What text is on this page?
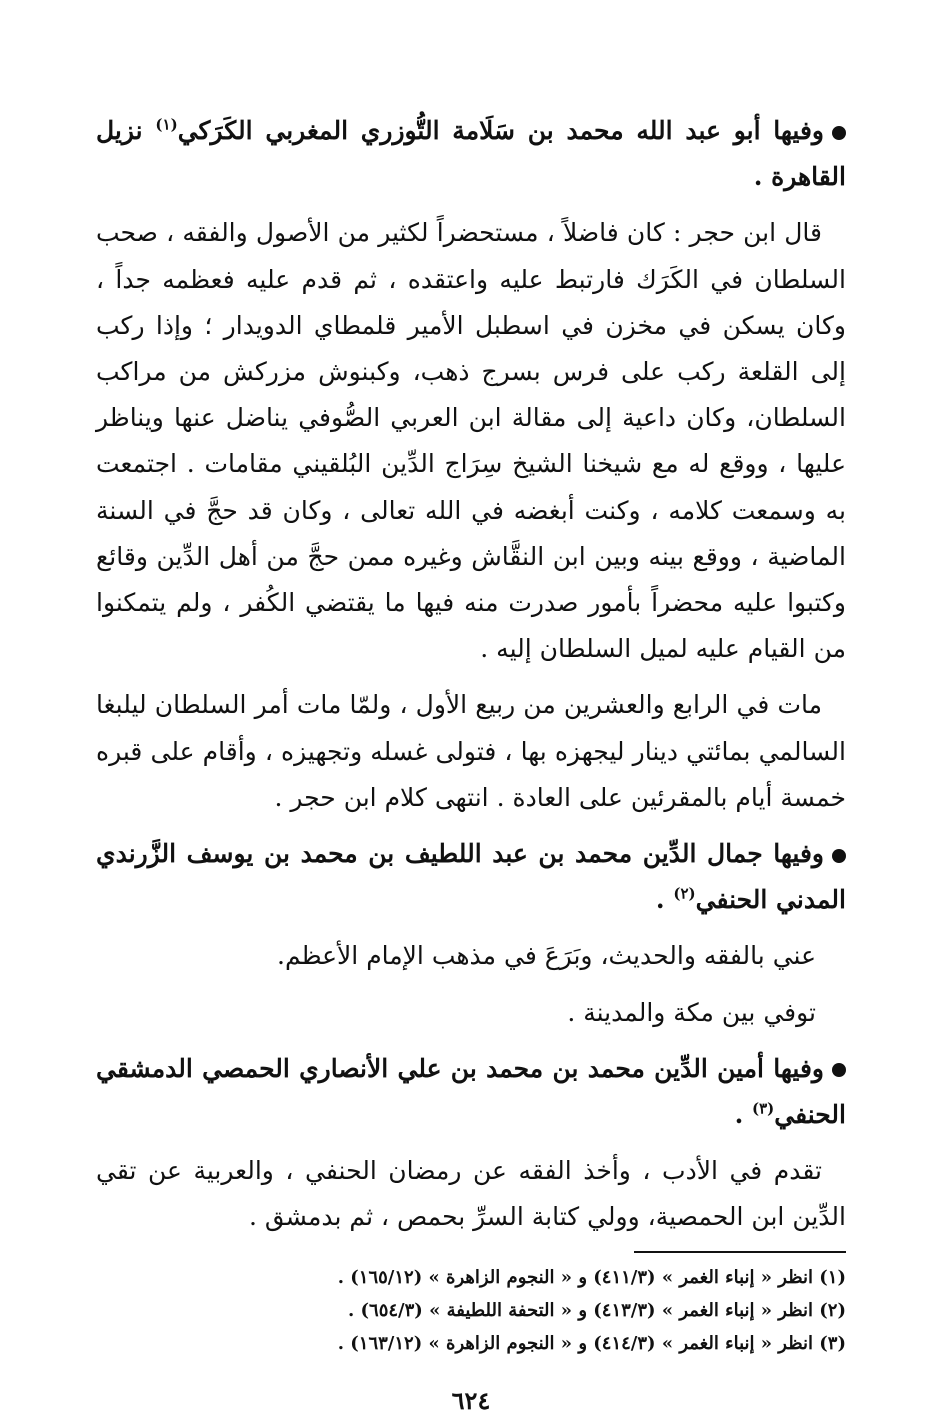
وفيها أبو عبد الله محمد بن سَلَامة التُّوزري المغربي الكَرَكي$^{(١)}$ نزيل القاهرة .

قال ابن حجر : كان فاضلاً ، مستحضراً لكثير من الأصول والفقه ، صحب السلطان في الكَرَك فارتبط عليه واعتقده ، ثم قدم عليه فعظمه جداً ، وكان يسكن في مخزن في اسطبل الأمير قلمطاي الدويدار ؛ وإذا ركب إلى القلعة ركب على فرس بسرج ذهب، وكبنوش مزركش من مراكب السلطان، وكان داعية إلى مقالة ابن العربي الصُّوفي يناضل عنها ويناظر عليها ، ووقع له مع شيخنا الشيخ سِرَاج الدِّين البُلقيني مقامات . اجتمعت به وسمعت كلامه ، وكنت أبغضه في الله تعالى ، وكان قد حجَّ في السنة الماضية ، ووقع بينه وبين ابن النقَّاش وغيره ممن حجَّ من أهل الدِّين وقائع وكتبوا عليه محضراً بأمور صدرت منه فيها ما يقتضي الكُفر ، ولم يتمكنوا من القيام عليه لميل السلطان إليه .

مات في الرابع والعشرين من ربيع الأول ، ولمّا مات أمر السلطان ليلبغا السالمي بمائتي دينار ليجهزه بها ، فتولى غسله وتجهيزه ، وأقام على قبره خمسة أيام بالمقرئين على العادة . انتهى كلام ابن حجر .

وفيها جمال الدِّين محمد بن عبد اللطيف بن محمد بن يوسف الزَّرندي المدني الحنفي$^{(٢)}$ .

عني بالفقه والحديث، وبَرَعَ في مذهب الإمام الأعظم.

توفي بين مكة والمدينة .

وفيها أمين الدِّين محمد بن محمد بن علي الأنصاري الحمصي الدمشقي الحنفي$^{(٣)}$ .

تقدم في الأدب ، وأخذ الفقه عن رمضان الحنفي ، والعربية عن تقي الدِّين ابن الحمصية، وولي كتابة السرِّ بحمص ، ثم بدمشق .

(١) انظر « إنباء الغمر » (٤١١/٣) و « النجوم الزاهرة » (١٦٥/١٢) .
(٢) انظر « إنباء الغمر » (٤١٣/٣) و « التحفة اللطيفة » (٦٥٤/٣) .
(٣) انظر « إنباء الغمر » (٤١٤/٣) و « النجوم الزاهرة » (١٦٣/١٢) .
٦٢٤
